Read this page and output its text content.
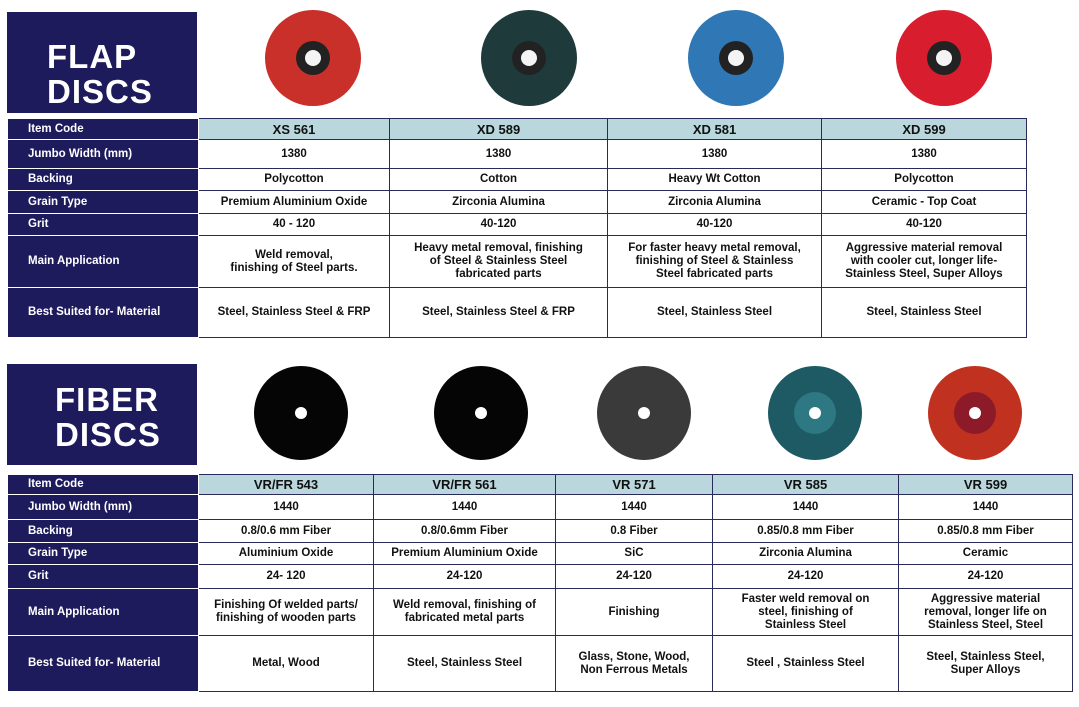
FLAP
DISCS
Item Code	XS 561	XD 589	XD 581	XD 599
Jumbo Width (mm)	1380	1380	1380	1380
Backing	Polycotton	Cotton	Heavy Wt Cotton	Polycotton
Grain Type	Premium Aluminium Oxide	Zirconia Alumina	Zirconia Alumina	Ceramic - Top Coat
Grit	40 - 120	40-120	40-120	40-120
Main Application	Weld removal,
finishing of Steel parts.	Heavy metal removal, finishing
of Steel & Stainless Steel
fabricated parts	For faster heavy metal removal,
finishing of Steel & Stainless
Steel fabricated parts	Aggressive material removal
with cooler cut, longer life-
Stainless Steel, Super Alloys
Best Suited for- Material	Steel, Stainless Steel & FRP	Steel, Stainless Steel & FRP	Steel, Stainless Steel	Steel, Stainless Steel
FIBER
DISCS
Item Code	VR/FR 543	VR/FR 561	VR 571	VR 585	VR 599
Jumbo Width (mm)	1440	1440	1440	1440	1440
Backing	0.8/0.6 mm Fiber	0.8/0.6mm Fiber	0.8 Fiber	0.85/0.8 mm Fiber	0.85/0.8 mm Fiber
Grain Type	Aluminium Oxide	Premium Aluminium Oxide	SiC	Zirconia Alumina	Ceramic
Grit	24- 120	24-120	24-120	24-120	24-120
Main Application	Finishing Of welded parts/
finishing of wooden parts	Weld removal, finishing of
fabricated metal parts	Finishing	Faster weld removal on
steel, finishing of
Stainless Steel	Aggressive material
removal, longer life on
Stainless Steel, Steel
Best Suited for- Material	Metal, Wood	Steel, Stainless Steel	Glass, Stone, Wood,
Non Ferrous Metals	Steel , Stainless Steel	Steel, Stainless Steel,
Super Alloys
